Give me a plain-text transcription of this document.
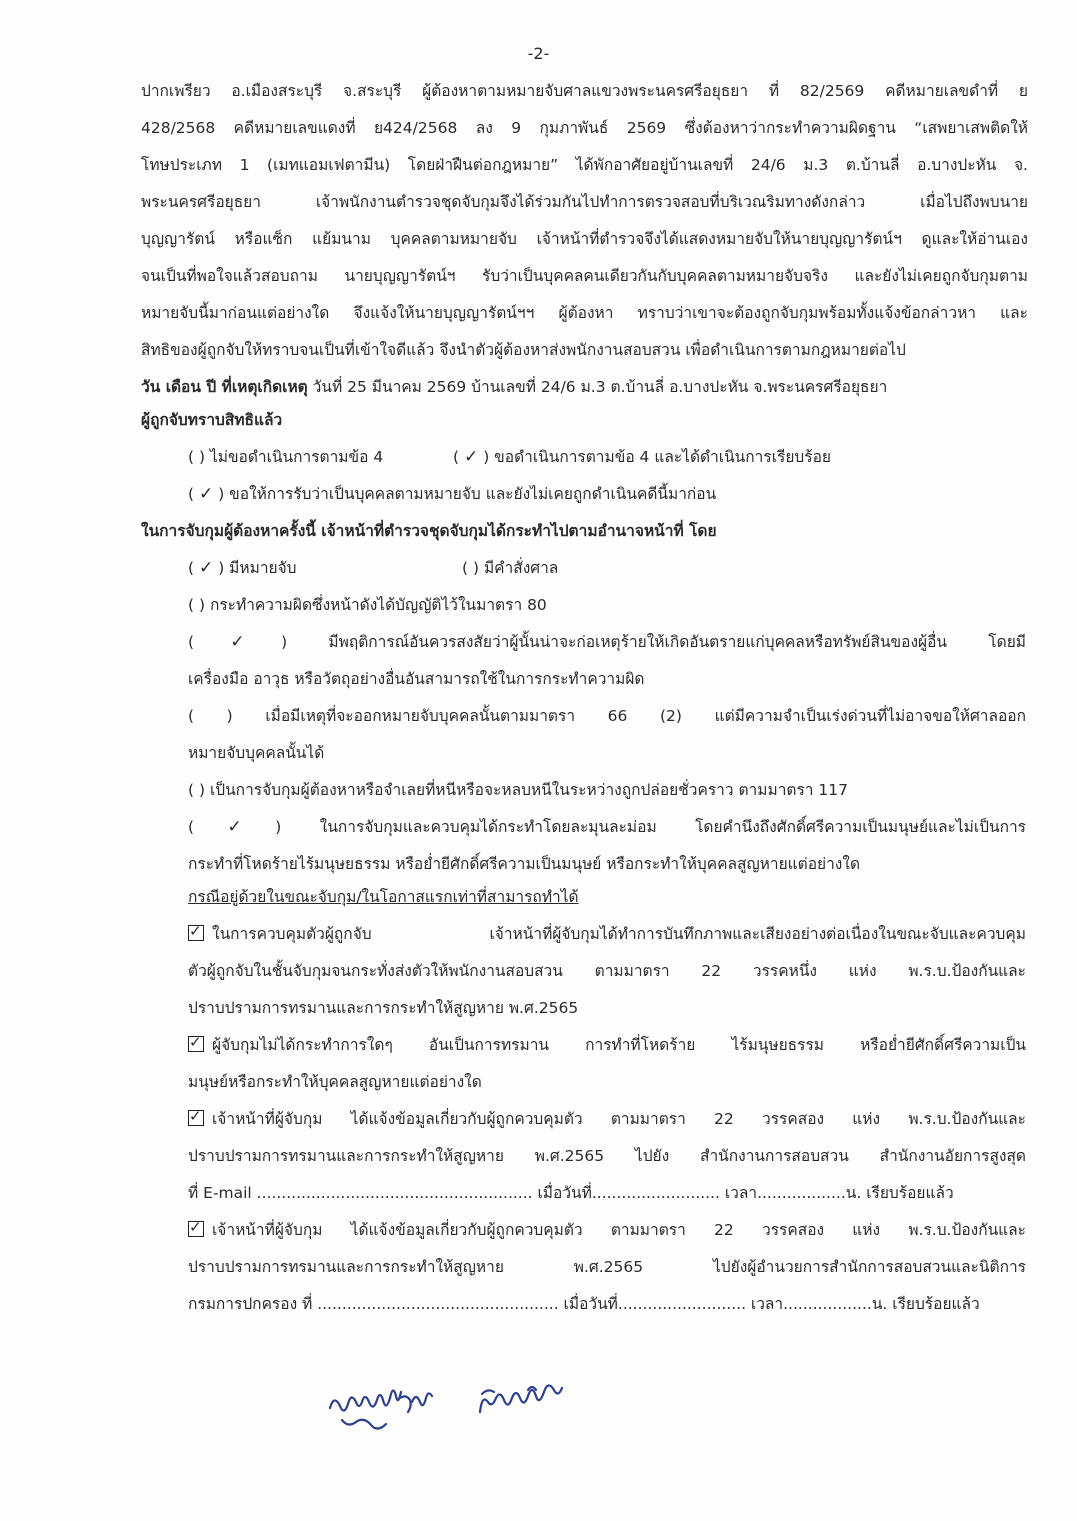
-2-
ปากเพรียว อ.เมืองสระบุรี จ.สระบุรี ผู้ต้องหาตามหมายจับศาลแขวงพระนครศรีอยุธยา ที่ 82/2569 คดีหมายเลขดำที่ ย
428/2568 คดีหมายเลขแดงที่ ย424/2568 ลง 9 กุมภาพันธ์ 2569 ซึ่งต้องหาว่ากระทำความผิดฐาน “เสพยาเสพติดให้
โทษประเภท 1 (เมทแอมเฟตามีน) โดยฝ่าฝืนต่อกฎหมาย” ได้พักอาศัยอยู่บ้านเลขที่ 24/6 ม.3 ต.บ้านลี่ อ.บางปะหัน จ.
พระนครศรีอยุธยา เจ้าพนักงานตำรวจชุดจับกุมจึงได้ร่วมกันไปทำการตรวจสอบที่บริเวณริมทางดังกล่าว เมื่อไปถึงพบนาย
บุญญารัตน์ หรือแซ็ก แย้มนาม บุคคลตามหมายจับ เจ้าหน้าที่ตำรวจจึงได้แสดงหมายจับให้นายบุญญารัตน์ฯ ดูและให้อ่านเอง
จนเป็นที่พอใจแล้วสอบถาม นายบุญญารัตน์ฯ รับว่าเป็นบุคคลคนเดียวกันกับบุคคลตามหมายจับจริง และยังไม่เคยถูกจับกุมตาม
หมายจับนี้มาก่อนแต่อย่างใด จึงแจ้งให้นายบุญญารัตน์ฯฯ ผู้ต้องหา ทราบว่าเขาจะต้องถูกจับกุมพร้อมทั้งแจ้งข้อกล่าวหา และ
สิทธิของผู้ถูกจับให้ทราบจนเป็นที่เข้าใจดีแล้ว จึงนำตัวผู้ต้องหาส่งพนักงานสอบสวน เพื่อดำเนินการตามกฎหมายต่อไป
วัน เดือน ปี ที่เหตุเกิดเหตุ วันที่ 25 มีนาคม 2569 บ้านเลขที่ 24/6 ม.3 ต.บ้านลี่ อ.บางปะหัน จ.พระนครศรีอยุธยา
ผู้ถูกจับทราบสิทธิแล้ว
( ) ไม่ขอดำเนินการตามข้อ 4	( ✓ ) ขอดำเนินการตามข้อ 4 และได้ดำเนินการเรียบร้อย
( ✓ ) ขอให้การรับว่าเป็นบุคคลตามหมายจับ และยังไม่เคยถูกดำเนินคดีนี้มาก่อน
ในการจับกุมผู้ต้องหาครั้งนี้ เจ้าหน้าที่ตำรวจชุดจับกุมได้กระทำไปตามอำนาจหน้าที่ โดย
( ✓ ) มีหมายจับ	( ) มีคำสั่งศาล
( ) กระทำความผิดซึ่งหน้าดังได้บัญญัติไว้ในมาตรา 80
(✓) มีพฤติการณ์อันควรสงสัยว่าผู้นั้นน่าจะก่อเหตุร้ายให้เกิดอันตรายแก่บุคคลหรือทรัพย์สินของผู้อื่น โดยมี
เครื่องมือ อาวุธ หรือวัตถุอย่างอื่นอันสามารถใช้ในการกระทำความผิด
( ) เมื่อมีเหตุที่จะออกหมายจับบุคคลนั้นตามมาตรา 66 (2) แต่มีความจำเป็นเร่งด่วนที่ไม่อาจขอให้ศาลออก
หมายจับบุคคลนั้นได้
( ) เป็นการจับกุมผู้ต้องหาหรือจำเลยที่หนีหรือจะหลบหนีในระหว่างถูกปล่อยชั่วคราว ตามมาตรา 117
(✓) ในการจับกุมและควบคุมได้กระทำโดยละมุนละม่อม โดยคำนึงถึงศักดิ์ศรีความเป็นมนุษย์และไม่เป็นการ
กระทำที่โหดร้ายไร้มนุษยธรรม หรือย่ำยีศักดิ์ศรีความเป็นมนุษย์ หรือกระทำให้บุคคลสูญหายแต่อย่างใด
กรณีอยู่ด้วยในขณะจับกุม/ในโอกาสแรกเท่าที่สามารถทำได้
✓ในการควบคุมตัวผู้ถูกจับ เจ้าหน้าที่ผู้จับกุมได้ทำการบันทึกภาพและเสียงอย่างต่อเนื่องในขณะจับและควบคุม
ตัวผู้ถูกจับในชั้นจับกุมจนกระทั่งส่งตัวให้พนักงานสอบสวน ตามมาตรา 22 วรรคหนึ่ง แห่ง พ.ร.บ.ป้องกันและ
ปราบปรามการทรมานและการกระทำให้สูญหาย พ.ศ.2565
✓ผู้จับกุมไม่ได้กระทำการใดๆ อันเป็นการทรมาน การทำที่โหดร้าย ไร้มนุษยธรรม หรือย่ำยีศักดิ์ศรีความเป็น
มนุษย์หรือกระทำให้บุคคลสูญหายแต่อย่างใด
✓เจ้าหน้าที่ผู้จับกุม ได้แจ้งข้อมูลเกี่ยวกับผู้ถูกควบคุมตัว ตามมาตรา 22 วรรคสอง แห่ง พ.ร.บ.ป้องกันและ
ปราบปรามการทรมานและการกระทำให้สูญหาย พ.ศ.2565 ไปยัง สำนักงานการสอบสวน สำนักงานอัยการสูงสุด
ที่ E-mail ........................................................ เมื่อวันที่.......................... เวลา..................น. เรียบร้อยแล้ว
✓เจ้าหน้าที่ผู้จับกุม ได้แจ้งข้อมูลเกี่ยวกับผู้ถูกควบคุมตัว ตามมาตรา 22 วรรคสอง แห่ง พ.ร.บ.ป้องกันและ
ปราบปรามการทรมานและการกระทำให้สูญหาย พ.ศ.2565 ไปยังผู้อำนวยการสำนักการสอบสวนและนิติการ
กรมการปกครอง ที่ ................................................. เมื่อวันที่.......................... เวลา..................น. เรียบร้อยแล้ว
